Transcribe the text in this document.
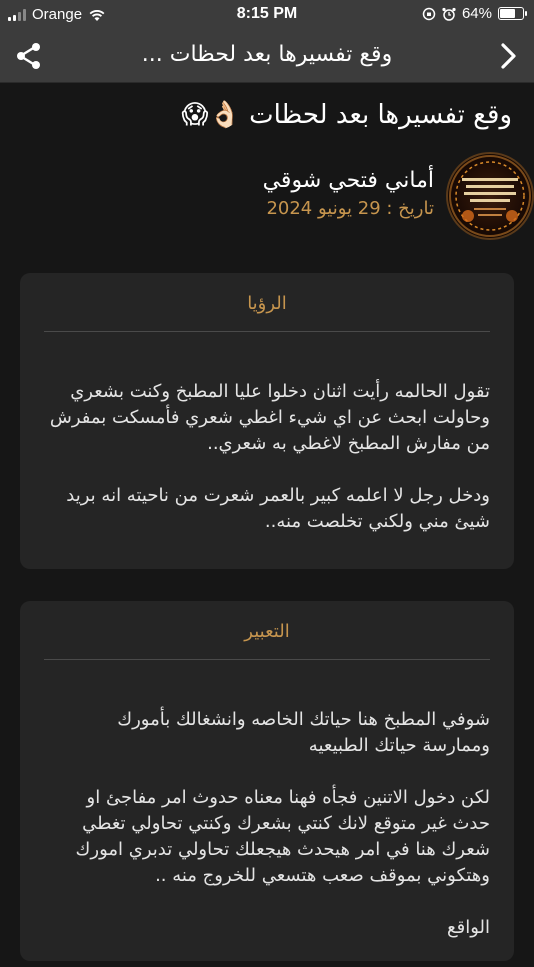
Orange	8:15 PM	64%
وقع تفسيرها بعد لحظات ...
وقع تفسيرها بعد لحظات 👌🏻😱
أماني فتحي شوقي
تاريخ : 29 يونيو 2024
الرؤيا

تقول الحالمه رأيت اثنان دخلوا عليا المطبخ وكنت بشعري وحاولت ابحث عن اي شيء اغطي شعري فأمسكت بمفرش من مفارش المطبخ لاغطي به شعري..

ودخل رجل لا اعلمه كبير بالعمر شعرت من ناحيته انه بريد شيئ مني ولكني تخلصت منه..

التعبير

شوفي المطبخ هنا حياتك الخاصه وانشغالك بأمورك وممارسة حياتك الطبيعيه

لكن دخول الاتنين فجأه فهنا معناه حدوث امر مفاجئ او حدث غير متوقع لانك كنتي بشعرك وكنتي تحاولي تغطي شعرك هنا في امر هيحدث هيجعلك تحاولي تدبري امورك وهتكوني بموقف صعب هتسعي للخروج منه ..

الواقع
